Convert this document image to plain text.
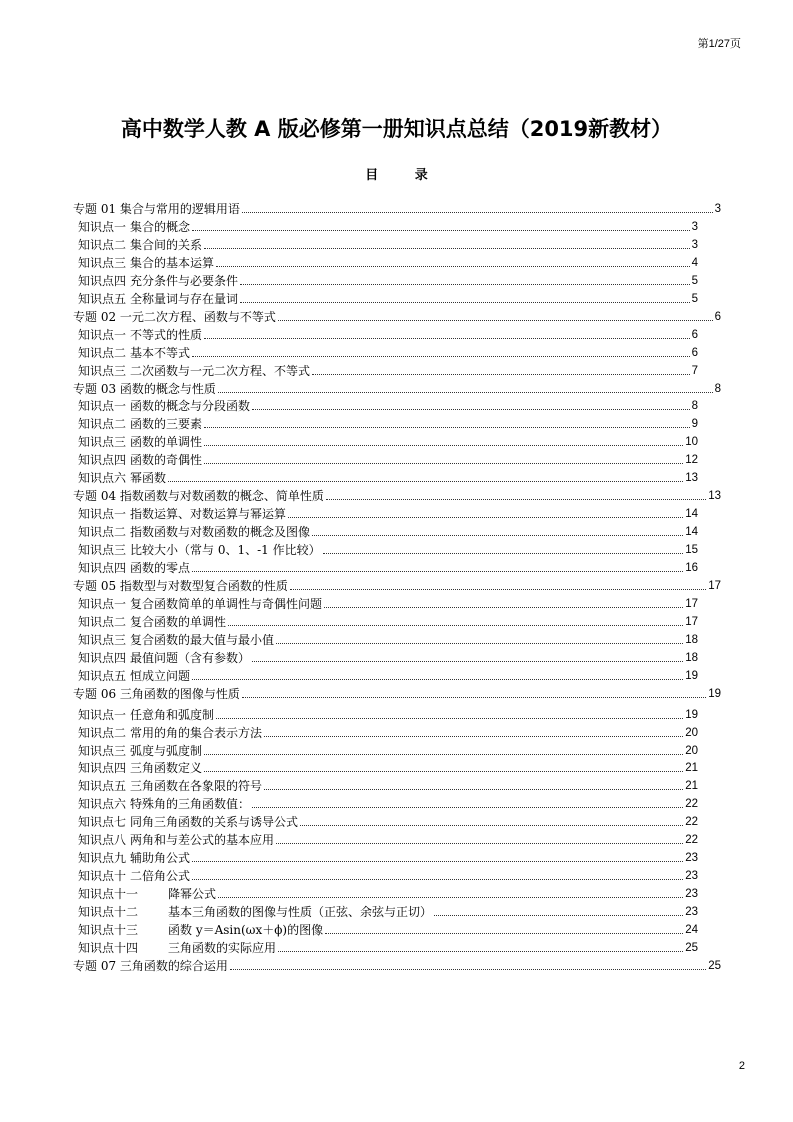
第1/27页
高中数学人教 A 版必修第一册知识点总结（2019新教材）
目 录
专题 01 集合与常用的逻辑用语	3
知识点一 集合的概念	3
知识点二 集合间的关系	3
知识点三 集合的基本运算	4
知识点四 充分条件与必要条件	5
知识点五 全称量词与存在量词	5
专题 02 一元二次方程、函数与不等式	6
知识点一 不等式的性质	6
知识点二 基本不等式	6
知识点三 二次函数与一元二次方程、不等式	7
专题 03 函数的概念与性质	8
知识点一 函数的概念与分段函数	8
知识点二 函数的三要素	9
知识点三 函数的单调性	10
知识点四 函数的奇偶性	12
知识点六 幂函数	13
专题 04 指数函数与对数函数的概念、简单性质	13
知识点一 指数运算、对数运算与幂运算	14
知识点二 指数函数与对数函数的概念及图像	14
知识点三 比较大小（常与 0、1、-1 作比较）	15
知识点四 函数的零点	16
专题 05 指数型与对数型复合函数的性质	17
知识点一 复合函数简单的单调性与奇偶性问题	17
知识点二 复合函数的单调性	17
知识点三 复合函数的最大值与最小值	18
知识点四 最值问题（含有参数）	18
知识点五 恒成立问题	19
专题 06 三角函数的图像与性质	19
知识点一 任意角和弧度制	19
知识点二 常用的角的集合表示方法	20
知识点三 弧度与弧度制	20
知识点四 三角函数定义	21
知识点五 三角函数在各象限的符号	21
知识点六 特殊角的三角函数值：	22
知识点七 同角三角函数的关系与诱导公式	22
知识点八 两角和与差公式的基本应用	22
知识点九 辅助角公式	23
知识点十 二倍角公式	23
知识点十一	降幂公式	23
知识点十二	基本三角函数的图像与性质（正弦、余弦与正切）	23
知识点十三	函数 y＝Asin(ωx＋ϕ)的图像	24
知识点十四	三角函数的实际应用	25
专题 07 三角函数的综合运用	25
2
